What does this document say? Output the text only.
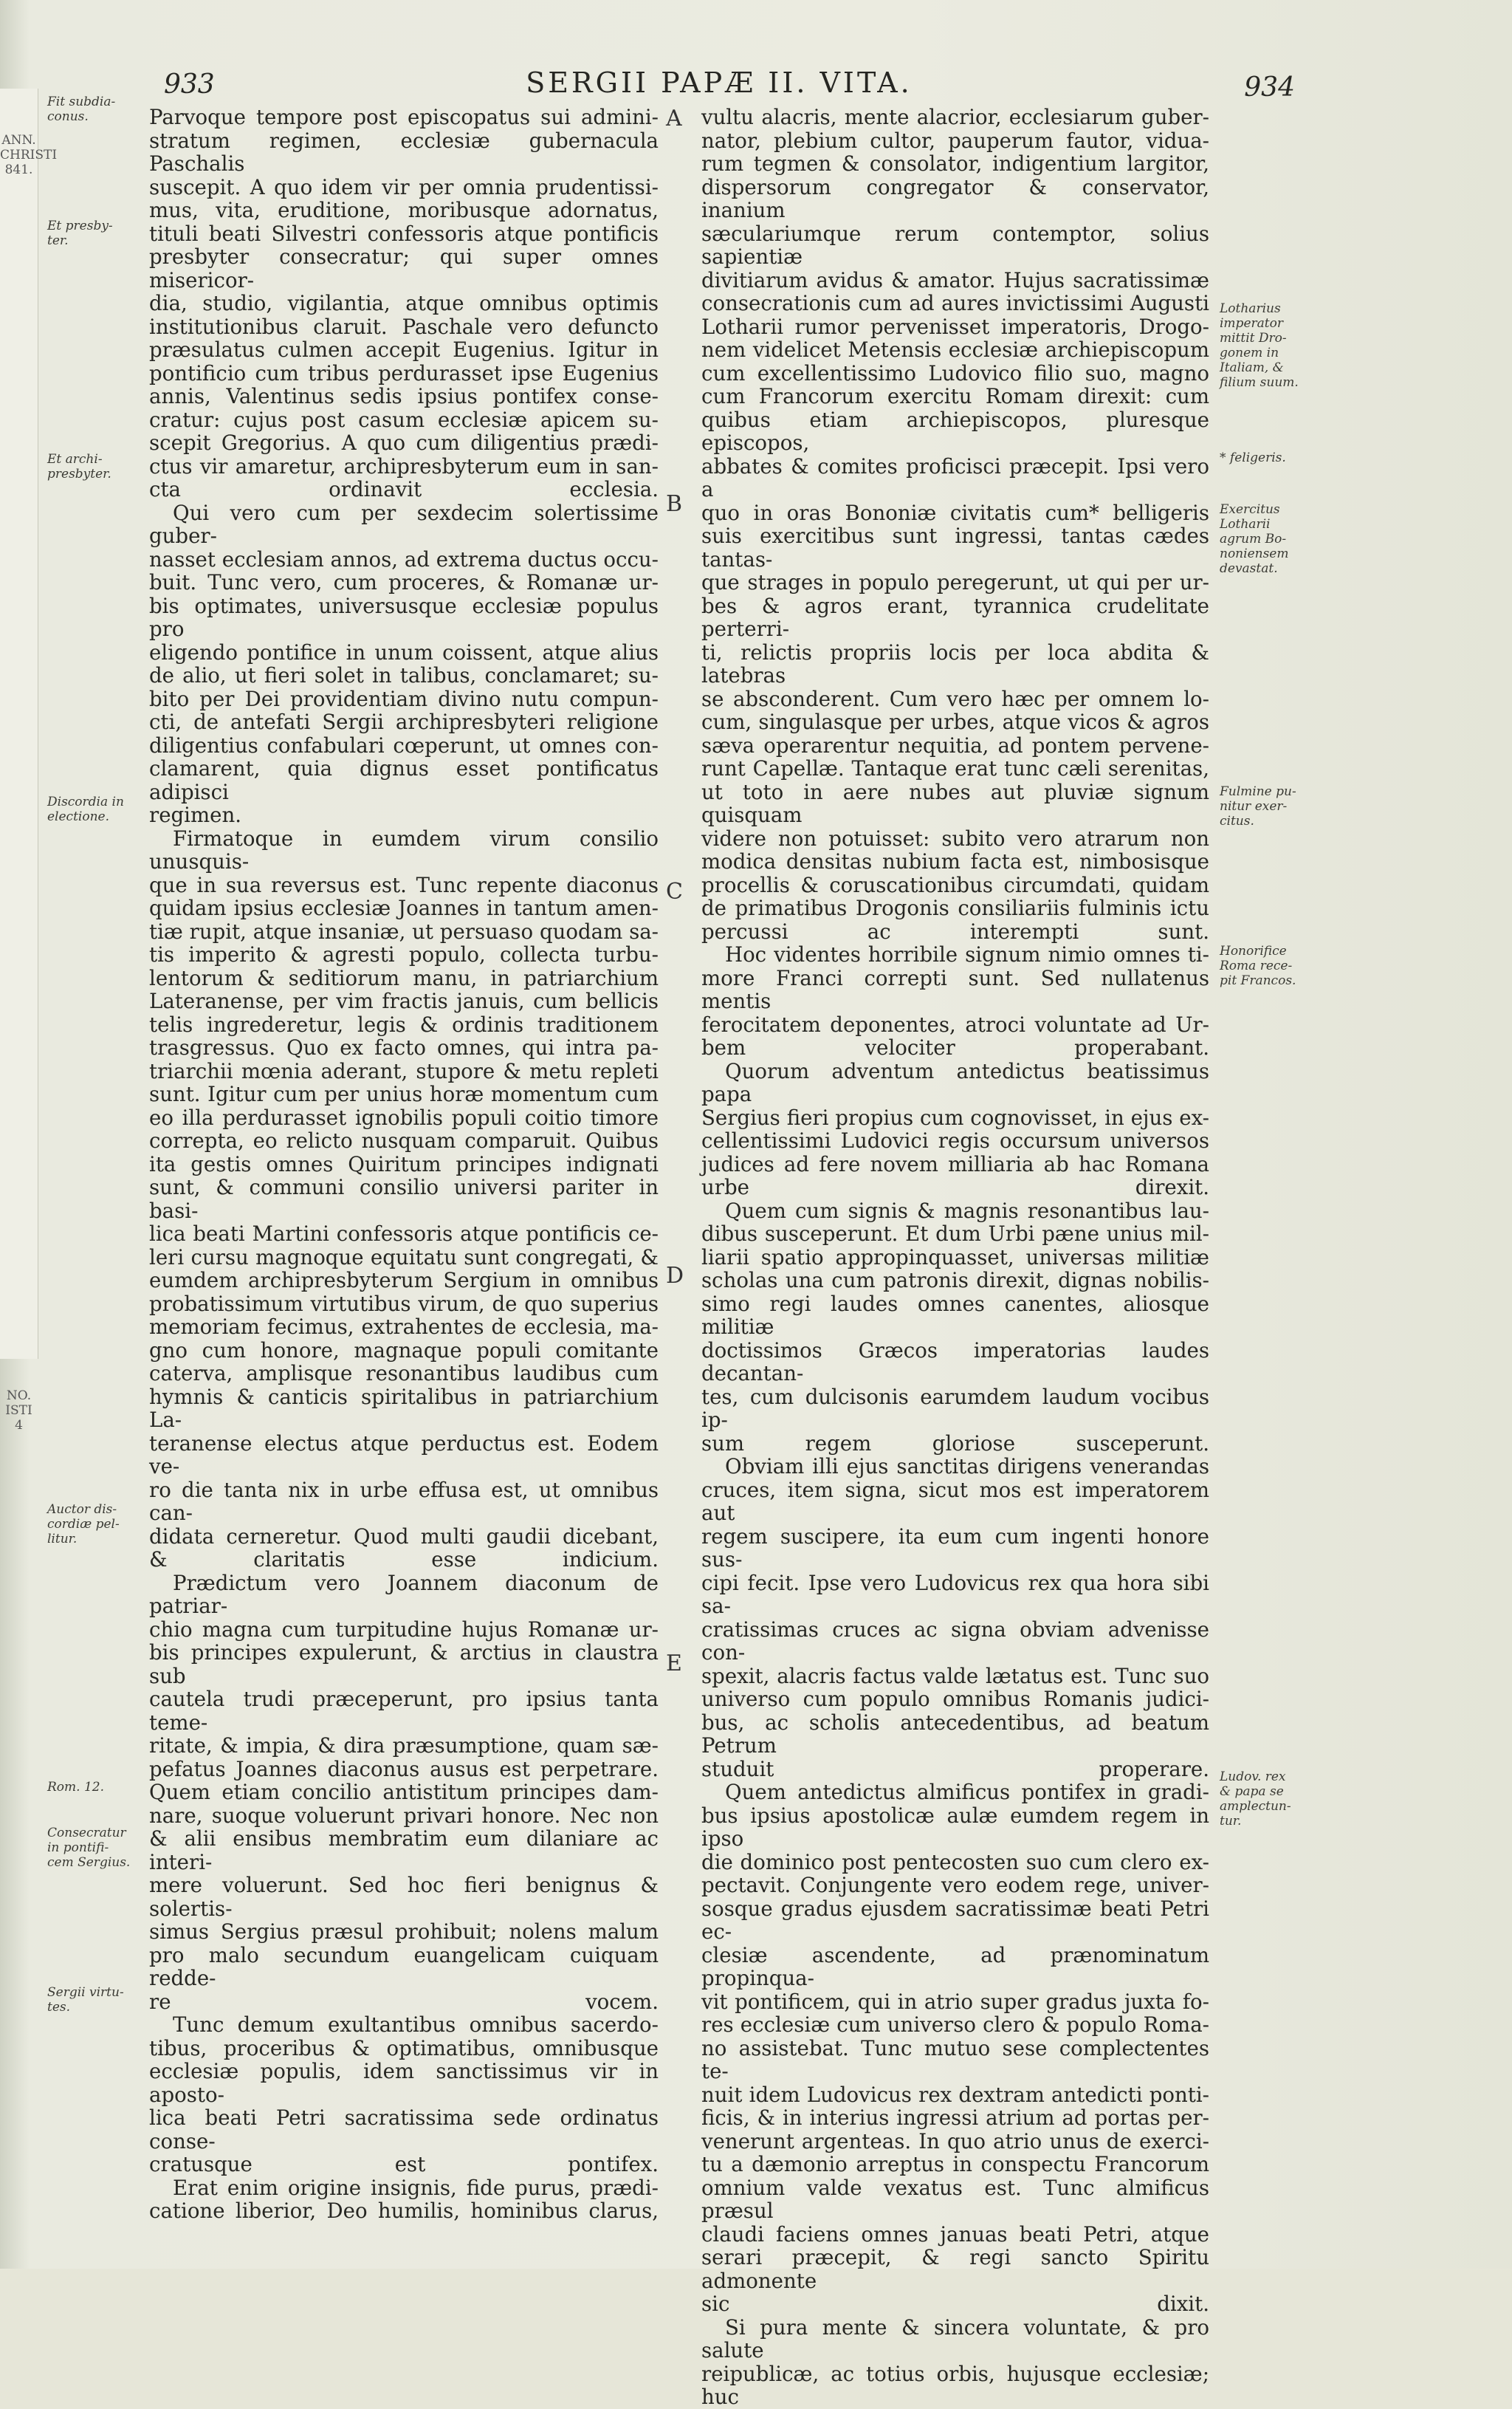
ANN. CHRISTI 841.
NO. ISTI 4
933	SERGII PAPÆ II. VITA.	934
A
B
C
D
E

Parvoque tempore post episcopatus sui admini-
stratum regimen, ecclesiæ gubernacula Paschalis
suscepit. A quo idem vir per omnia prudentissi-
mus, vita, eruditione, moribusque adornatus,
tituli beati Silvestri confessoris atque pontificis
presbyter consecratur; qui super omnes misericor-
dia, studio, vigilantia, atque omnibus optimis
institutionibus claruit. Paschale vero defuncto
præsulatus culmen accepit Eugenius. Igitur in
pontificio cum tribus perdurasset ipse Eugenius
annis, Valentinus sedis ipsius pontifex conse-
cratur: cujus post casum ecclesiæ apicem su-
scepit Gregorius. A quo cum diligentius prædi-
ctus vir amaretur, archipresbyterum eum in san-
cta ordinavit ecclesia.

Qui vero cum per sexdecim solertissime guber-
nasset ecclesiam annos, ad extrema ductus occu-
buit. Tunc vero, cum proceres, & Romanæ ur-
bis optimates, universusque ecclesiæ populus pro
eligendo pontifice in unum coissent, atque alius
de alio, ut fieri solet in talibus, conclamaret; su-
bito per Dei providentiam divino nutu compun-
cti, de antefati Sergii archipresbyteri religione
diligentius confabulari cœperunt, ut omnes con-
clamarent, quia dignus esset pontificatus adipisci
regimen.

Firmatoque in eumdem virum consilio unusquis-
que in sua reversus est. Tunc repente diaconus
quidam ipsius ecclesiæ Joannes in tantum amen-
tiæ rupit, atque insaniæ, ut persuaso quodam sa-
tis imperito & agresti populo, collecta turbu-
lentorum & seditiorum manu, in patriarchium
Lateranense, per vim fractis januis, cum bellicis
telis ingrederetur, legis & ordinis traditionem
trasgressus. Quo ex facto omnes, qui intra pa-
triarchii mœnia aderant, stupore & metu repleti
sunt. Igitur cum per unius horæ momentum cum
eo illa perdurasset ignobilis populi coitio timore
correpta, eo relicto nusquam comparuit. Quibus
ita gestis omnes Quiritum principes indignati
sunt, & communi consilio universi pariter in basi-
lica beati Martini confessoris atque pontificis ce-
leri cursu magnoque equitatu sunt congregati, &
eumdem archipresbyterum Sergium in omnibus
probatissimum virtutibus virum, de quo superius
memoriam fecimus, extrahentes de ecclesia, ma-
gno cum honore, magnaque populi comitante
caterva, amplisque resonantibus laudibus cum
hymnis & canticis spiritalibus in patriarchium La-
teranense electus atque perductus est. Eodem ve-
ro die tanta nix in urbe effusa est, ut omnibus can-
didata cerneretur. Quod multi gaudii dicebant,
& claritatis esse indicium.

Prædictum vero Joannem diaconum de patriar-
chio magna cum turpitudine hujus Romanæ ur-
bis principes expulerunt, & arctius in claustra sub
cautela trudi præceperunt, pro ipsius tanta teme-
ritate, & impia, & dira præsumptione, quam sæ-
pefatus Joannes diaconus ausus est perpetrare.
Quem etiam concilio antistitum principes dam-
nare, suoque voluerunt privari honore. Nec non
& alii ensibus membratim eum dilaniare ac interi-
mere voluerunt. Sed hoc fieri benignus & solertis-
simus Sergius præsul prohibuit; nolens malum
pro malo secundum euangelicam cuiquam redde-
re vocem.

Tunc demum exultantibus omnibus sacerdo-
tibus, proceribus & optimatibus, omnibusque
ecclesiæ populis, idem sanctissimus vir in aposto-
lica beati Petri sacratissima sede ordinatus conse-
cratusque est pontifex.

Erat enim origine insignis, fide purus, prædi-
catione liberior, Deo humilis, hominibus clarus,

vultu alacris, mente alacrior, ecclesiarum guber-
nator, plebium cultor, pauperum fautor, vidua-
rum tegmen & consolator, indigentium largitor,
dispersorum congregator & conservator, inanium
sæculariumque rerum contemptor, solius sapientiæ
divitiarum avidus & amator. Hujus sacratissimæ
consecrationis cum ad aures invictissimi Augusti
Lotharii rumor pervenisset imperatoris, Drogo-
nem videlicet Metensis ecclesiæ archiepiscopum
cum excellentissimo Ludovico filio suo, magno
cum Francorum exercitu Romam direxit: cum
quibus etiam archiepiscopos, pluresque episcopos,
abbates & comites proficisci præcepit. Ipsi vero a
quo in oras Bononiæ civitatis cum* belligeris
suis exercitibus sunt ingressi, tantas cædes tantas-
que strages in populo peregerunt, ut qui per ur-
bes & agros erant, tyrannica crudelitate perterri-
ti, relictis propriis locis per loca abdita & latebras
se absconderent. Cum vero hæc per omnem lo-
cum, singulasque per urbes, atque vicos & agros
sæva operarentur nequitia, ad pontem pervene-
runt Capellæ. Tantaque erat tunc cæli serenitas,
ut toto in aere nubes aut pluviæ signum quisquam
videre non potuisset: subito vero atrarum non
modica densitas nubium facta est, nimbosisque
procellis & coruscationibus circumdati, quidam
de primatibus Drogonis consiliariis fulminis ictu
percussi ac interempti sunt.

Hoc videntes horribile signum nimio omnes ti-
more Franci correpti sunt. Sed nullatenus mentis
ferocitatem deponentes, atroci voluntate ad Ur-
bem velociter properabant.

Quorum adventum antedictus beatissimus papa
Sergius fieri propius cum cognovisset, in ejus ex-
cellentissimi Ludovici regis occursum universos
judices ad fere novem milliaria ab hac Romana
urbe direxit.

Quem cum signis & magnis resonantibus lau-
dibus susceperunt. Et dum Urbi pæne unius mil-
liarii spatio appropinquasset, universas militiæ
scholas una cum patronis direxit, dignas nobilis-
simo regi laudes omnes canentes, aliosque militiæ
doctissimos Græcos imperatorias laudes decantan-
tes, cum dulcisonis earumdem laudum vocibus ip-
sum regem gloriose susceperunt.

Obviam illi ejus sanctitas dirigens venerandas
cruces, item signa, sicut mos est imperatorem aut
regem suscipere, ita eum cum ingenti honore sus-
cipi fecit. Ipse vero Ludovicus rex qua hora sibi sa-
cratissimas cruces ac signa obviam advenisse con-
spexit, alacris factus valde lætatus est. Tunc suo
universo cum populo omnibus Romanis judici-
bus, ac scholis antecedentibus, ad beatum Petrum
studuit properare.

Quem antedictus almificus pontifex in gradi-
bus ipsius apostolicæ aulæ eumdem regem in ipso
die dominico post pentecosten suo cum clero ex-
pectavit. Conjungente vero eodem rege, univer-
sosque gradus ejusdem sacratissimæ beati Petri ec-
clesiæ ascendente, ad prænominatum propinqua-
vit pontificem, qui in atrio super gradus juxta fo-
res ecclesiæ cum universo clero & populo Roma-
no assistebat. Tunc mutuo sese complectentes te-
nuit idem Ludovicus rex dextram antedicti ponti-
ficis, & in interius ingressi atrium ad portas per-
venerunt argenteas. In quo atrio unus de exerci-
tu a dæmonio arreptus in conspectu Francorum
omnium valde vexatus est. Tunc almificus præsul
claudi faciens omnes januas beati Petri, atque
serari præcepit, & regi sancto Spiritu admonente
sic dixit.

Si pura mente & sincera voluntate, & pro salute
reipublicæ, ac totius orbis, hujusque ecclesiæ;

huc

Fit subdia-
conus.
Et presby-
ter.
Et archi-
presbyter.
Discordia in
electione.
Auctor dis-
cordiæ pel-
litur.
Rom. 12.
Consecratur
in pontifi-
cem Sergius.
Sergii virtu-
tes.
Lotharius
imperator
mittit Dro-
gonem in
Italiam, &
filium suum.
* feligeris.
Exercitus
Lotharii
agrum Bo-
noniensem
devastat.
Fulmine pu-
nitur exer-
citus.
Honorifice
Roma rece-
pit Francos.
Ludov. rex
& papa se
amplectun-
tur.
